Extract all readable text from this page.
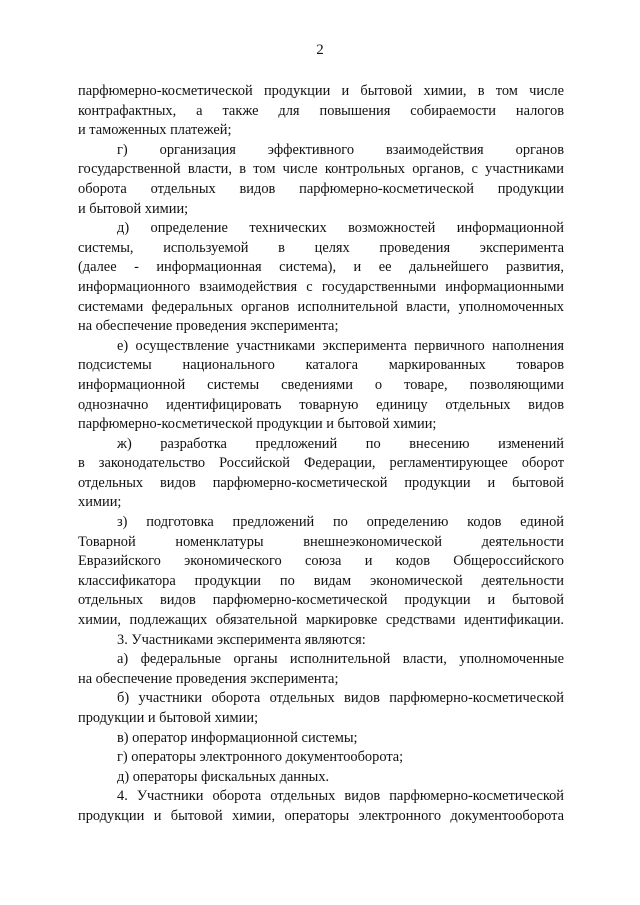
2
парфюмерно-косметической продукции и бытовой химии, в том числе
контрафактных, а также для повышения собираемости налогов
и таможенных платежей;
г) организация эффективного взаимодействия органов
государственной власти, в том числе контрольных органов, с участниками
оборота отдельных видов парфюмерно-косметической продукции
и бытовой химии;
д) определение технических возможностей информационной
системы, используемой в целях проведения эксперимента
(далее - информационная система), и ее дальнейшего развития,
информационного взаимодействия с государственными информационными
системами федеральных органов исполнительной власти, уполномоченных
на обеспечение проведения эксперимента;
е) осуществление участниками эксперимента первичного наполнения
подсистемы национального каталога маркированных товаров
информационной системы сведениями о товаре, позволяющими
однозначно идентифицировать товарную единицу отдельных видов
парфюмерно-косметической продукции и бытовой химии;
ж) разработка предложений по внесению изменений
в законодательство Российской Федерации, регламентирующее оборот
отдельных видов парфюмерно-косметической продукции и бытовой
химии;
з) подготовка предложений по определению кодов единой
Товарной номенклатуры внешнеэкономической деятельности
Евразийского экономического союза и кодов Общероссийского
классификатора продукции по видам экономической деятельности
отдельных видов парфюмерно-косметической продукции и бытовой
химии, подлежащих обязательной маркировке средствами идентификации.
3. Участниками эксперимента являются:
а) федеральные органы исполнительной власти, уполномоченные
на обеспечение проведения эксперимента;
б) участники оборота отдельных видов парфюмерно-косметической
продукции и бытовой химии;
в) оператор информационной системы;
г) операторы электронного документооборота;
д) операторы фискальных данных.
4. Участники оборота отдельных видов парфюмерно-косметической
продукции и бытовой химии, операторы электронного документооборота
